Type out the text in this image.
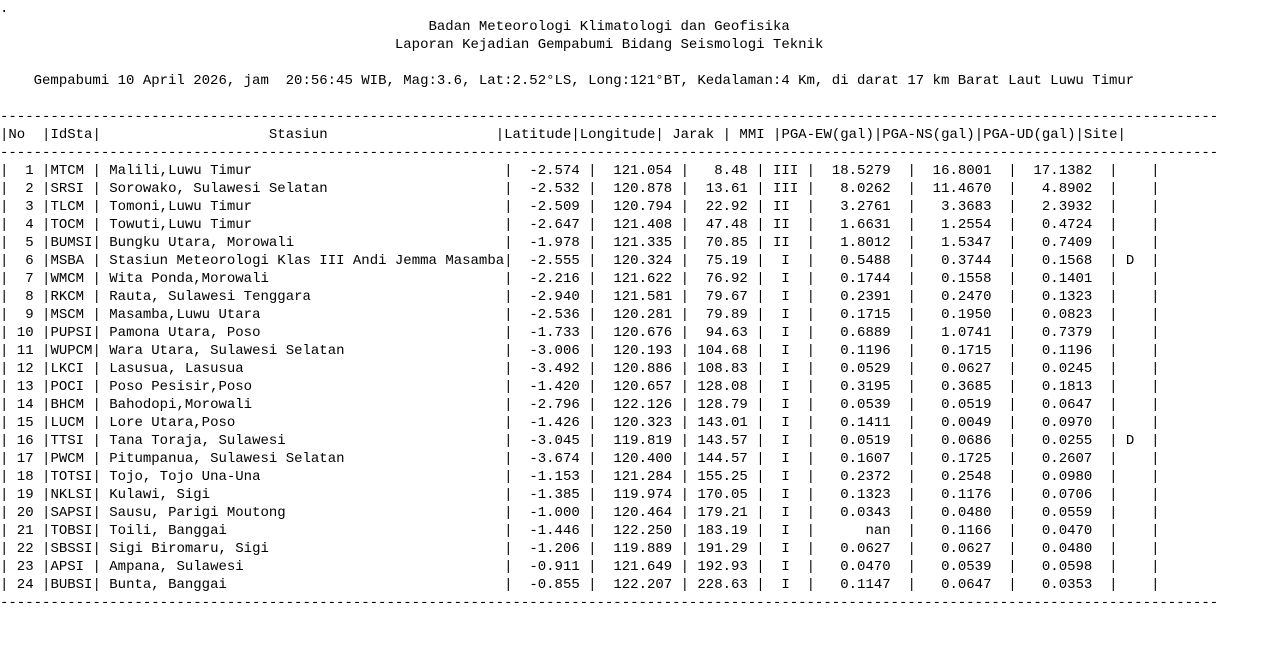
.
Badan Meteorologi Klimatologi dan Geofisika
Laporan Kejadian Gempabumi Bidang Seismologi Teknik
Gempabumi 10 April 2026, jam  20:56:45 WIB, Mag:3.6, Lat:2.52°LS, Long:121°BT, Kedalaman:4 Km, di darat 17 km Barat Laut Luwu Timur
-------------------------------------------------------------------------------------------------------------------------------------------------
|No  |IdSta|                    Stasiun                    |Latitude|Longitude| Jarak | MMI |PGA-EW(gal)|PGA-NS(gal)|PGA-UD(gal)|Site|
-------------------------------------------------------------------------------------------------------------------------------------------------
|  1 |MTCM | Malili,Luwu Timur                              |  -2.574 |  121.054 |   8.48 | III |  18.5279  |  16.8001  |  17.1382  | |
|  2 |SRSI | Sorowako, Sulawesi Selatan                     |  -2.532 |  120.878 |  13.61 | III |   8.0262  |  11.4670  |   4.8902  | |
|  3 |TLCM | Tomoni,Luwu Timur                              |  -2.509 |  120.794 |  22.92 | II  |   3.2761  |   3.3683  |   2.3932  | |
|  4 |TOCM | Towuti,Luwu Timur                              |  -2.647 |  121.408 |  47.48 | II  |   1.6631  |   1.2554  |   0.4724  | |
|  5 |BUMSI| Bungku Utara, Morowali                         |  -1.978 |  121.335 |  70.85 | II  |   1.8012  |   1.5347  |   0.7409  | |
|  6 |MSBA | Stasiun Meteorologi Klas III Andi Jemma Masamba|  -2.555 |  120.324 |  75.19 |  I  |   0.5488  |   0.3744  |   0.1568  | D  |
|  7 |WMCM | Wita Ponda,Morowali                            |  -2.216 |  121.622 |  76.92 |  I  |   0.1744  |   0.1558  |   0.1401  | |
|  8 |RKCM | Rauta, Sulawesi Tenggara                       |  -2.940 |  121.581 |  79.67 |  I  |   0.2391  |   0.2470  |   0.1323  | |
|  9 |MSCM | Masamba,Luwu Utara                             |  -2.536 |  120.281 |  79.89 |  I  |   0.1715  |   0.1950  |   0.0823  | |
| 10 |PUPSI| Pamona Utara, Poso                             |  -1.733 |  120.676 |  94.63 |  I  |   0.6889  |   1.0741  |   0.7379  | |
| 11 |WUPCM| Wara Utara, Sulawesi Selatan                   |  -3.006 |  120.193 | 104.68 |  I  |   0.1196  |   0.1715  |   0.1196  | |
| 12 |LKCI | Lasusua, Lasusua                               |  -3.492 |  120.886 | 108.83 |  I  |   0.0529  |   0.0627  |   0.0245  | |
| 13 |POCI | Poso Pesisir,Poso                              |  -1.420 |  120.657 | 128.08 |  I  |   0.3195  |   0.3685  |   0.1813  | |
| 14 |BHCM | Bahodopi,Morowali                              |  -2.796 |  122.126 | 128.79 |  I  |   0.0539  |   0.0519  |   0.0647  | |
| 15 |LUCM | Lore Utara,Poso                                |  -1.426 |  120.323 | 143.01 |  I  |   0.1411  |   0.0049  |   0.0970  | |
| 16 |TTSI | Tana Toraja, Sulawesi                          |  -3.045 |  119.819 | 143.57 |  I  |   0.0519  |   0.0686  |   0.0255  | D  |
| 17 |PWCM | Pitumpanua, Sulawesi Selatan                   |  -3.674 |  120.400 | 144.57 |  I  |   0.1607  |   0.1725  |   0.2607  | |
| 18 |TOTSI| Tojo, Tojo Una-Una                             |  -1.153 |  121.284 | 155.25 |  I  |   0.2372  |   0.2548  |   0.0980  | |
| 19 |NKLSI| Kulawi, Sigi                                   |  -1.385 |  119.974 | 170.05 |  I  |   0.1323  |   0.1176  |   0.0706  | |
| 20 |SAPSI| Sausu, Parigi Moutong                          |  -1.000 |  120.464 | 179.21 |  I  |   0.0343  |   0.0480  |   0.0559  | |
| 21 |TOBSI| Toili, Banggai                                 |  -1.446 |  122.250 | 183.19 |  I  |      nan  |   0.1166  |   0.0470  | |
| 22 |SBSSI| Sigi Biromaru, Sigi                            |  -1.206 |  119.889 | 191.29 |  I  |   0.0627  |   0.0627  |   0.0480  | |
| 23 |APSI | Ampana, Sulawesi                               |  -0.911 |  121.649 | 192.93 |  I  |   0.0470  |   0.0539  |   0.0598  | |
| 24 |BUBSI| Bunta, Banggai                                 |  -0.855 |  122.207 | 228.63 |  I  |   0.1147  |   0.0647  |   0.0353  | |
-------------------------------------------------------------------------------------------------------------------------------------------------
